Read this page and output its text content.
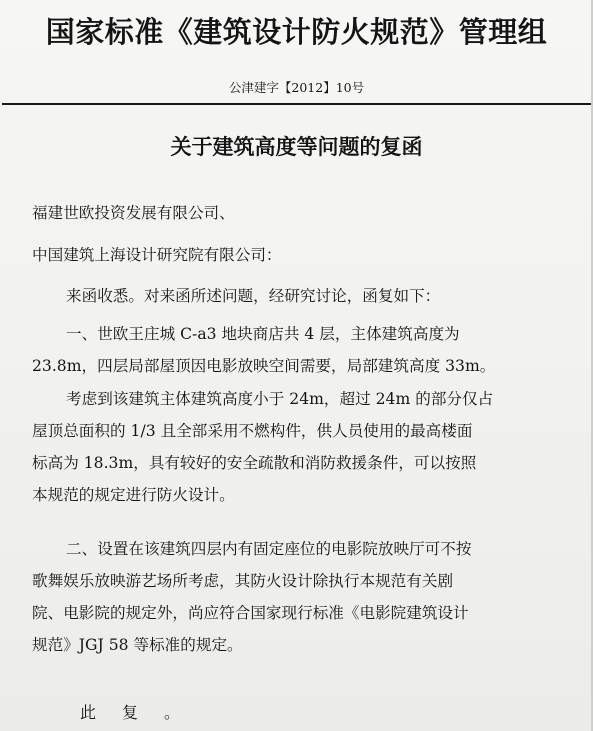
国家标准《建筑设计防火规范》管理组
公津建字【2012】10号
关于建筑高度等问题的复函
福建世欧投资发展有限公司、
中国建筑上海设计研究院有限公司：
来函收悉。对来函所述问题，经研究讨论，函复如下：
一、世欧王庄城 C-a3 地块商店共 4 层，主体建筑高度为
23.8m，四层局部屋顶因电影放映空间需要，局部建筑高度 33m。
考虑到该建筑主体建筑高度小于 24m，超过 24m 的部分仅占
屋顶总面积的 1/3 且全部采用不燃构件，供人员使用的最高楼面
标高为 18.3m，具有较好的安全疏散和消防救援条件，可以按照
本规范的规定进行防火设计。
二、设置在该建筑四层内有固定座位的电影院放映厅可不按
歌舞娱乐放映游艺场所考虑，其防火设计除执行本规范有关剧
院、电影院的规定外，尚应符合国家现行标准《电影院建筑设计
规范》JGJ 58 等标准的规定。
此复。
